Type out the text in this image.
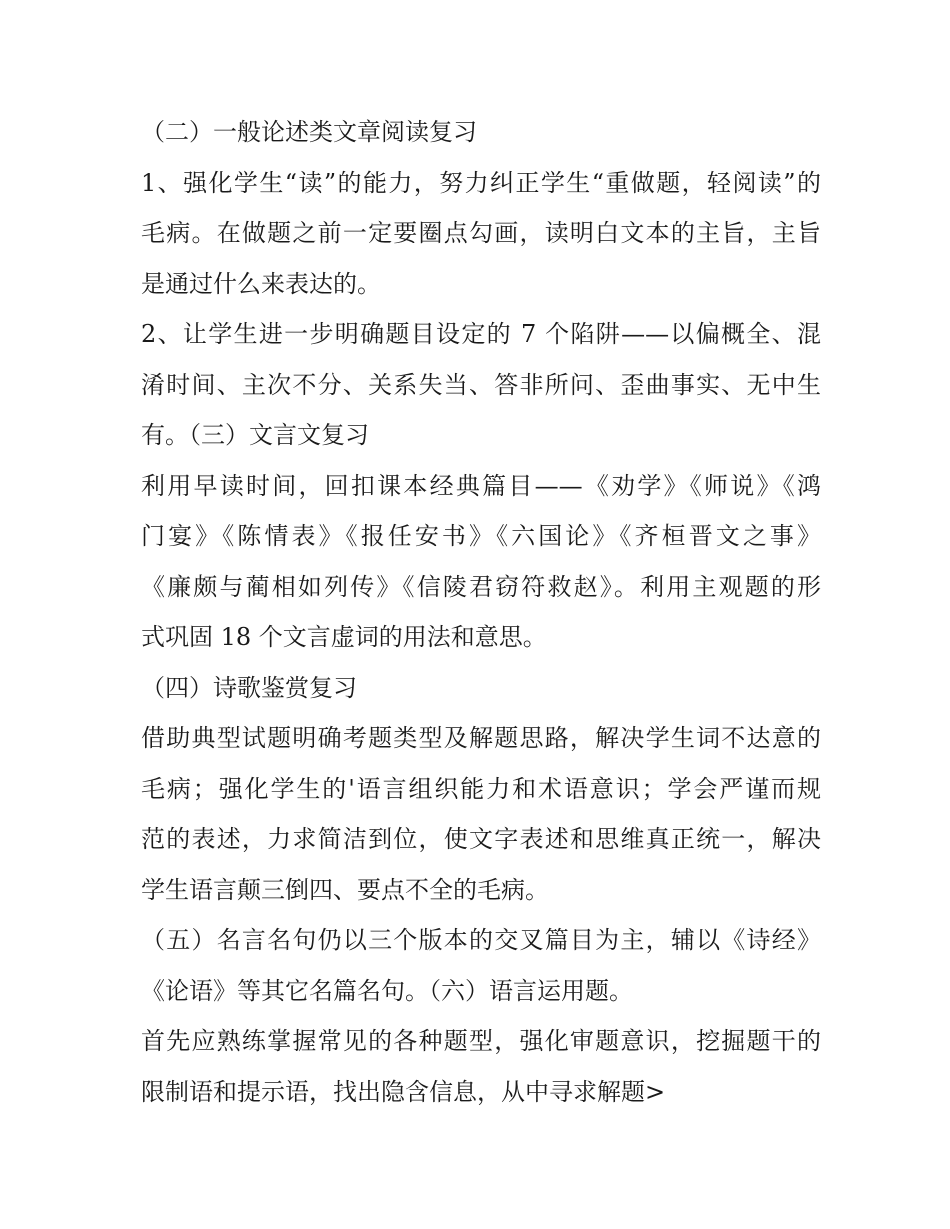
（二）一般论述类文章阅读复习
1、强化学生“读”的能力，努力纠正学生“重做题，轻阅读”的
毛病。在做题之前一定要圈点勾画，读明白文本的主旨，主旨
是通过什么来表达的。
2、让学生进一步明确题目设定的 7 个陷阱——以偏概全、混
淆时间、主次不分、关系失当、答非所问、歪曲事实、无中生
有。（三）文言文复习
利用早读时间，回扣课本经典篇目——《劝学》《师说》《鸿
门宴》《陈情表》《报任安书》《六国论》《齐桓晋文之事》
《廉颇与蔺相如列传》《信陵君窃符救赵》。利用主观题的形
式巩固 18 个文言虚词的用法和意思。
（四）诗歌鉴赏复习
借助典型试题明确考题类型及解题思路，解决学生词不达意的
毛病；强化学生的'语言组织能力和术语意识；学会严谨而规
范的表述，力求简洁到位，使文字表述和思维真正统一，解决
学生语言颠三倒四、要点不全的毛病。
（五）名言名句仍以三个版本的交叉篇目为主，辅以《诗经》
《论语》等其它名篇名句。（六）语言运用题。
首先应熟练掌握常见的各种题型，强化审题意识，挖掘题干的
限制语和提示语，找出隐含信息，从中寻求解题>
